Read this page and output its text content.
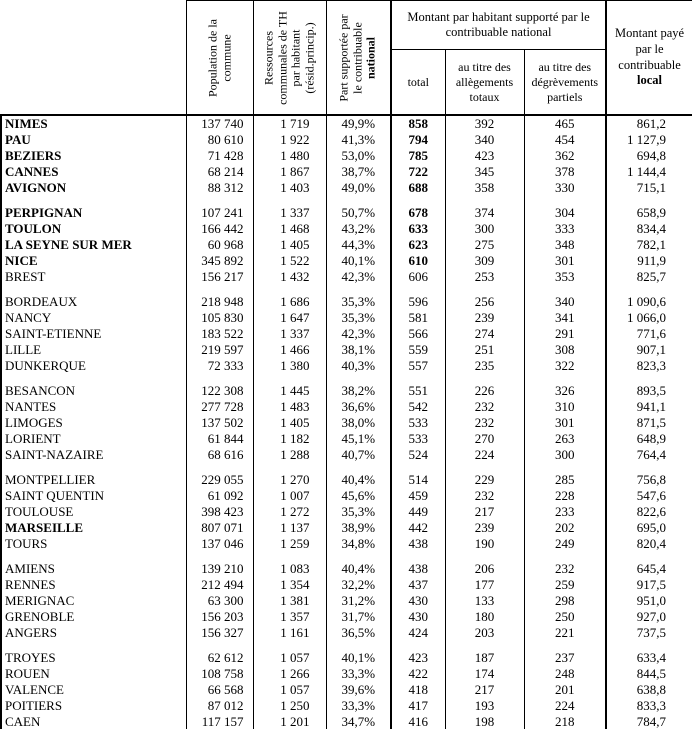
	Population de la commune	Ressources communales de TH par habitant (résid.princip.)	Part supportée par le contribuable national	Montant par habitant supporté par le contribuable national			Montant payé par le contribuable local
				total	au titre des allègements totaux	au titre des dégrèvements partiels	
NIMES	137 740	1 719	49,9%	858	392	465	861,2
PAU	80 610	1 922	41,3%	794	340	454	1 127,9
BEZIERS	71 428	1 480	53,0%	785	423	362	694,8
CANNES	68 214	1 867	38,7%	722	345	378	1 144,4
AVIGNON	88 312	1 403	49,0%	688	358	330	715,1

PERPIGNAN	107 241	1 337	50,7%	678	374	304	658,9
TOULON	166 442	1 468	43,2%	633	300	333	834,4
LA SEYNE SUR MER	60 968	1 405	44,3%	623	275	348	782,1
NICE	345 892	1 522	40,1%	610	309	301	911,9
BREST	156 217	1 432	42,3%	606	253	353	825,7

BORDEAUX	218 948	1 686	35,3%	596	256	340	1 090,6
NANCY	105 830	1 647	35,3%	581	239	341	1 066,0
SAINT-ETIENNE	183 522	1 337	42,3%	566	274	291	771,6
LILLE	219 597	1 466	38,1%	559	251	308	907,1
DUNKERQUE	72 333	1 380	40,3%	557	235	322	823,3

BESANCON	122 308	1 445	38,2%	551	226	326	893,5
NANTES	277 728	1 483	36,6%	542	232	310	941,1
LIMOGES	137 502	1 405	38,0%	533	232	301	871,5
LORIENT	61 844	1 182	45,1%	533	270	263	648,9
SAINT-NAZAIRE	68 616	1 288	40,7%	524	224	300	764,4

MONTPELLIER	229 055	1 270	40,4%	514	229	285	756,8
SAINT QUENTIN	61 092	1 007	45,6%	459	232	228	547,6
TOULOUSE	398 423	1 272	35,3%	449	217	233	822,6
MARSEILLE	807 071	1 137	38,9%	442	239	202	695,0
TOURS	137 046	1 259	34,8%	438	190	249	820,4

AMIENS	139 210	1 083	40,4%	438	206	232	645,4
RENNES	212 494	1 354	32,2%	437	177	259	917,5
MERIGNAC	63 300	1 381	31,2%	430	133	298	951,0
GRENOBLE	156 203	1 357	31,7%	430	180	250	927,0
ANGERS	156 327	1 161	36,5%	424	203	221	737,5

TROYES	62 612	1 057	40,1%	423	187	237	633,4
ROUEN	108 758	1 266	33,3%	422	174	248	844,5
VALENCE	66 568	1 057	39,6%	418	217	201	638,8
POITIERS	87 012	1 250	33,3%	417	193	224	833,3
CAEN	117 157	1 201	34,7%	416	198	218	784,7
